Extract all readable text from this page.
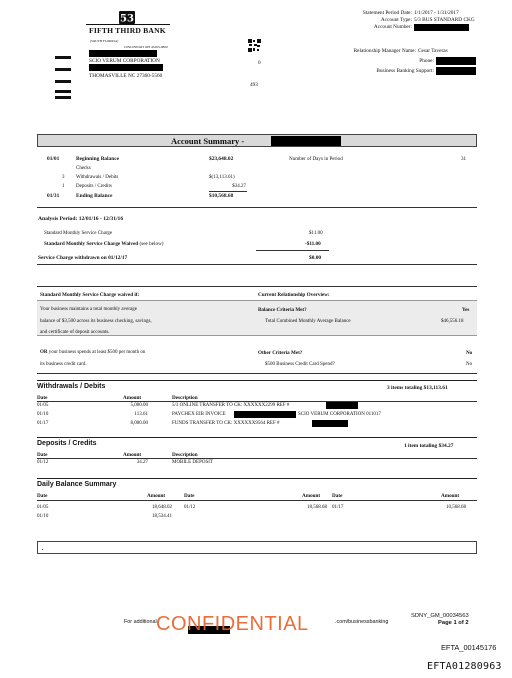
53
FIFTH THIRD BANK
(SOUTH FLORIDA)
CINCINNATI OH 45263-0800
Statement Period Date: 1/1/2017 - 1/31/2017
Account Type: 5/3 BUS STANDARD CKG
Account Number:
Relationship Manager Name: Cesar Taveras
Phone:
Business Banking Support:
SCIO VERUM CORPORATION
THOMASVILLE NC 27360-5560
0
493
Account Summary -
01/01	Beginning Balance	$23,648.02
Checks
3 Withdrawals / Debits	$(13,113.61)
1 Deposits / Credits	$34.27
01/31	Ending Balance	$10,568.68
Number of Days in Period	31
Analysis Period: 12/01/16 - 12/31/16
Standard Monthly Service Charge	$11.00
Standard Monthly Service Charge Waived (see below)	-$11.00
Service Charge withdrawn on 01/12/17	$0.00
Standard Monthly Service Charge waived if:	Current Relationship Overview:
Your business maintains a total monthly average
balance of $3,500 across its business checking, savings,
and certificate of deposit accounts.
Balance Criteria Met?	Yes
Total Combined Monthly Average Balance	$46,556.18
OR your business spends at least $500 per month on
its business credit card.
Other Criteria Met?	No
$500 Business Credit Card Spend?	No
Withdrawals / Debits	3 items totaling $13,113.61
Date	Amount	Description
01/05	5,000.00	5/3 ONLINE TRANSFER TO CK: XXXXXX2299 REF #
01/10	113.61	PAYCHEX EIB INVOICE	SCIO VERUM CORPORATION 011017
01/17	8,000.00	FUNDS TRANSFER TO CK: XXXXXX9564 REF #
Deposits / Credits	1 item totaling $34.27
Date	Amount	Description
01/12	34.27	MOBILE DEPOSIT
Daily Balance Summary
Date	Amount	Date	Amount Date	Amount
01/05	18,648.02 01/12	18,568.68 01/17	10,568.68
01/10	18,534.41
For additional	.com/businessbanking
CONFIDENTIAL	SDNY_GM_00034563
Page 1 of 2
EFTA_00145176
EFTA01280963
